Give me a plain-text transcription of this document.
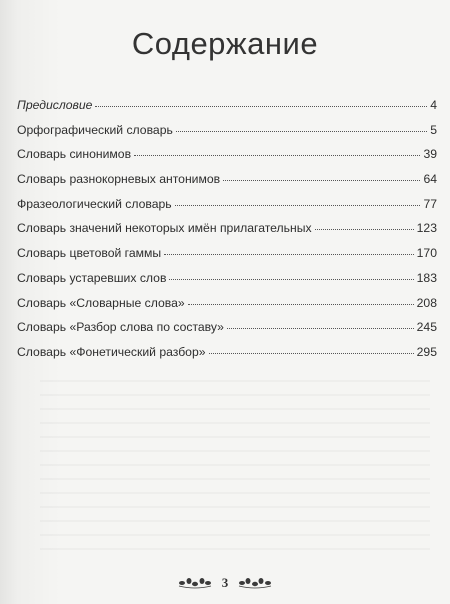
Содержание
Предисловие	4
Орфографический словарь	5
Словарь синонимов	39
Словарь разнокорневых антонимов	64
Фразеологический словарь	77
Словарь значений некоторых имён прилагательных	123
Словарь цветовой гаммы	170
Словарь устаревших слов	183
Словарь «Словарные слова»	208
Словарь «Разбор слова по составу»	245
Словарь «Фонетический разбор»	295
3
